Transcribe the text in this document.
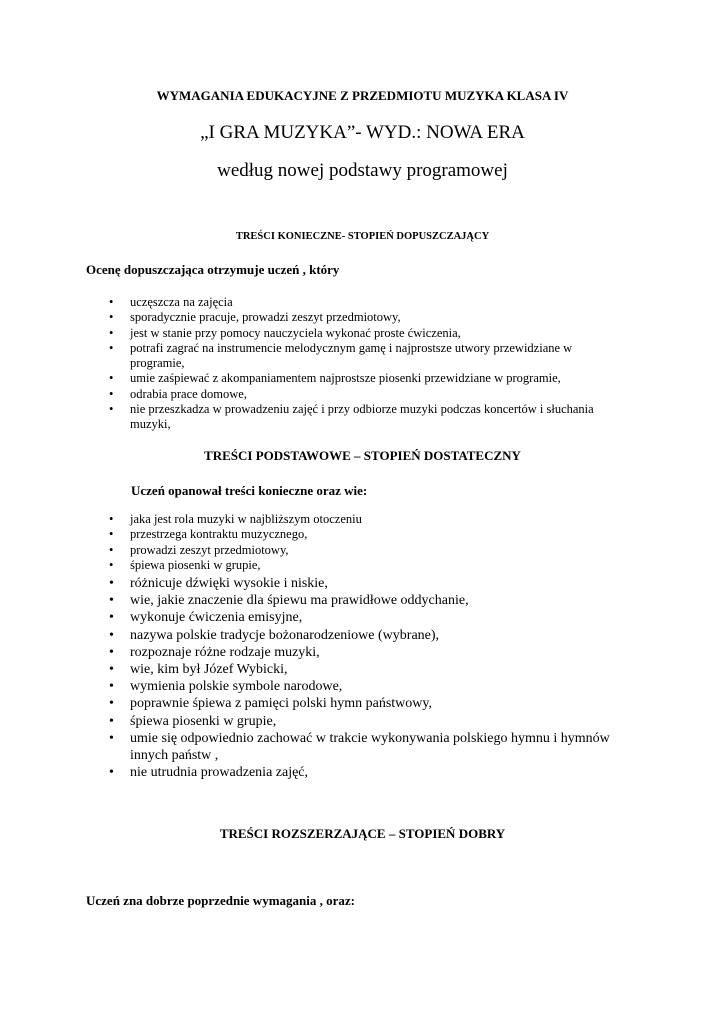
WYMAGANIA EDUKACYJNE Z PRZEDMIOTU MUZYKA KLASA IV
„I GRA MUZYKA”- WYD.: NOWA ERA
według nowej podstawy programowej
TREŚCI KONIECZNE- STOPIEŃ DOPUSZCZAJĄCY
Ocenę dopuszczająca otrzymuje uczeń , który
• uczęszcza na zajęcia
• sporadycznie pracuje, prowadzi zeszyt przedmiotowy,
• jest w stanie przy pomocy nauczyciela wykonać proste ćwiczenia,
• potrafi zagrać na instrumencie melodycznym gamę i najprostsze utwory przewidziane w programie,
• umie zaśpiewać z akompaniamentem najprostsze piosenki przewidziane w programie,
• odrabia prace domowe,
• nie przeszkadza w prowadzeniu zajęć i przy odbiorze muzyki podczas koncertów i słuchania muzyki,
TREŚCI PODSTAWOWE – STOPIEŃ DOSTATECZNY
Uczeń opanował treści konieczne oraz wie:
• jaka jest rola muzyki w najbliższym otoczeniu
• przestrzega kontraktu muzycznego,
• prowadzi zeszyt przedmiotowy,
• śpiewa piosenki w grupie,
• różnicuje dźwięki wysokie i niskie,
• wie, jakie znaczenie dla śpiewu ma prawidłowe oddychanie,
• wykonuje ćwiczenia emisyjne,
• nazywa polskie tradycje bożonarodzeniowe (wybrane),
• rozpoznaje różne rodzaje muzyki,
• wie, kim był Józef Wybicki,
• wymienia polskie symbole narodowe,
• poprawnie śpiewa z pamięci polski hymn państwowy,
• śpiewa piosenki w grupie,
• umie się odpowiednio zachować w trakcie wykonywania polskiego hymnu i hymnów innych państw ,
• nie utrudnia prowadzenia zajęć,
TREŚCI ROZSZERZAJĄCE – STOPIEŃ DOBRY
Uczeń zna dobrze poprzednie wymagania , oraz:
